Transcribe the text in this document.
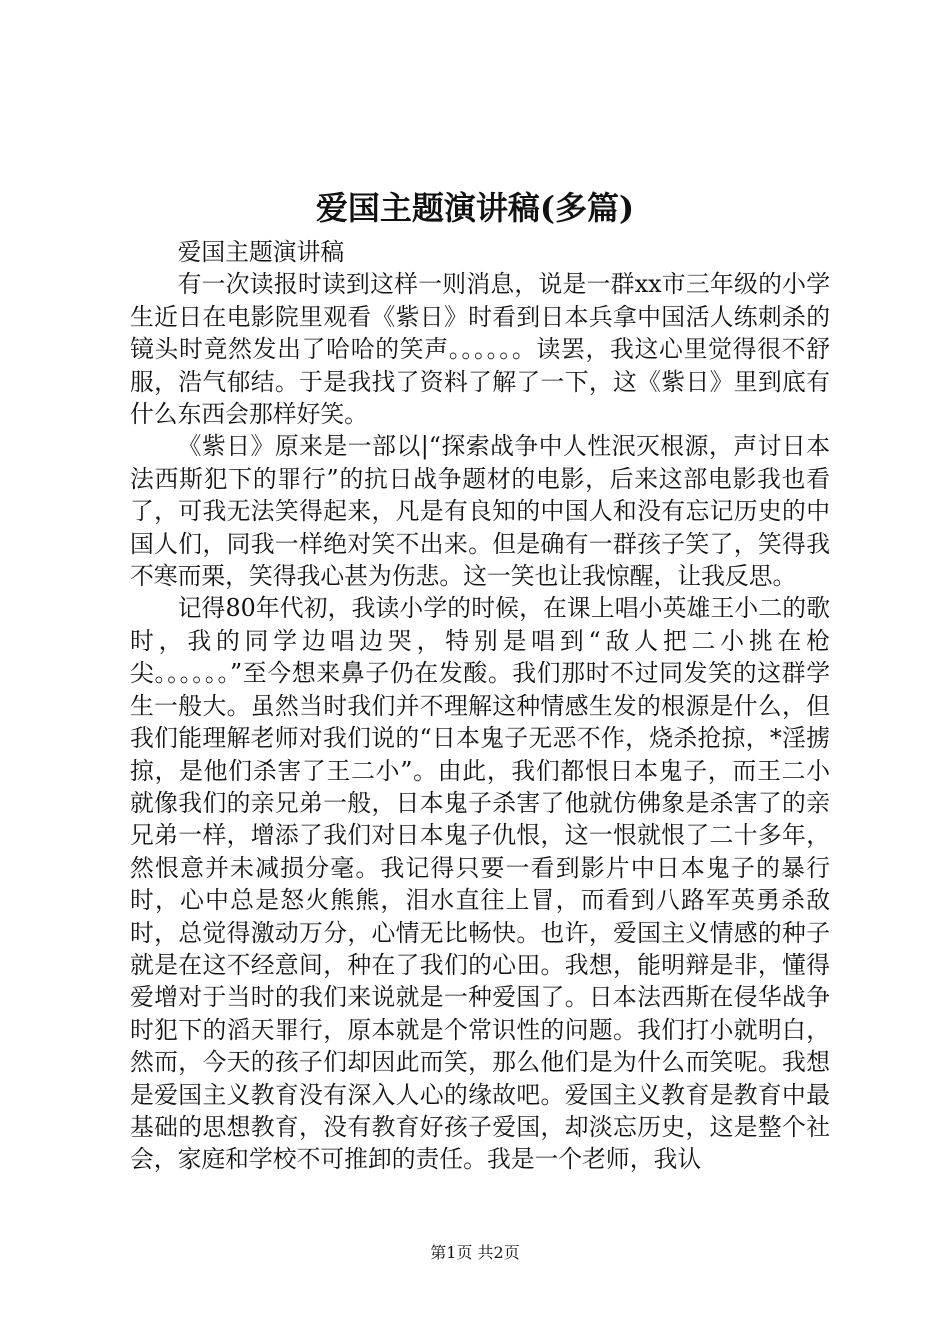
爱国主题演讲稿(多篇)

爱国主题演讲稿

有一次读报时读到这样一则消息，说是一群xx市三年级的小学生近日在电影院里观看《紫日》时看到日本兵拿中国活人练刺杀的镜头时竟然发出了哈哈的笑声。。。。。。读罢，我这心里觉得很不舒服，浩气郁结。于是我找了资料了解了一下，这《紫日》里到底有什么东西会那样好笑。

《紫日》原来是一部以|“探索战争中人性泯灭根源，声讨日本法西斯犯下的罪行”的抗日战争题材的电影，后来这部电影我也看了，可我无法笑得起来，凡是有良知的中国人和没有忘记历史的中国人们，同我一样绝对笑不出来。但是确有一群孩子笑了，笑得我不寒而栗，笑得我心甚为伤悲。这一笑也让我惊醒，让我反思。

记得80年代初，我读小学的时候，在课上唱小英雄王小二的歌时，我的同学边唱边哭，特别是唱到“敌人把二小挑在枪尖。。。。。。”至今想来鼻子仍在发酸。我们那时不过同发笑的这群学生一般大。虽然当时我们并不理解这种情感生发的根源是什么，但我们能理解老师对我们说的“日本鬼子无恶不作，烧杀抢掠，*淫掳掠，是他们杀害了王二小”。由此，我们都恨日本鬼子，而王二小就像我们的亲兄弟一般，日本鬼子杀害了他就仿佛象是杀害了的亲兄弟一样，增添了我们对日本鬼子仇恨，这一恨就恨了二十多年，然恨意并未减损分毫。我记得只要一看到影片中日本鬼子的暴行时，心中总是怒火熊熊，泪水直往上冒，而看到八路军英勇杀敌时，总觉得激动万分，心情无比畅快。也许，爱国主义情感的种子就是在这不经意间，种在了我们的心田。我想，能明辩是非，懂得爱增对于当时的我们来说就是一种爱国了。日本法西斯在侵华战争时犯下的滔天罪行，原本就是个常识性的问题。我们打小就明白，然而，今天的孩子们却因此而笑，那么他们是为什么而笑呢。我想是爱国主义教育没有深入人心的缘故吧。爱国主义教育是教育中最基础的思想教育，没有教育好孩子爱国，却淡忘历史，这是整个社会，家庭和学校不可推卸的责任。我是一个老师，我认

第1页 共2页
